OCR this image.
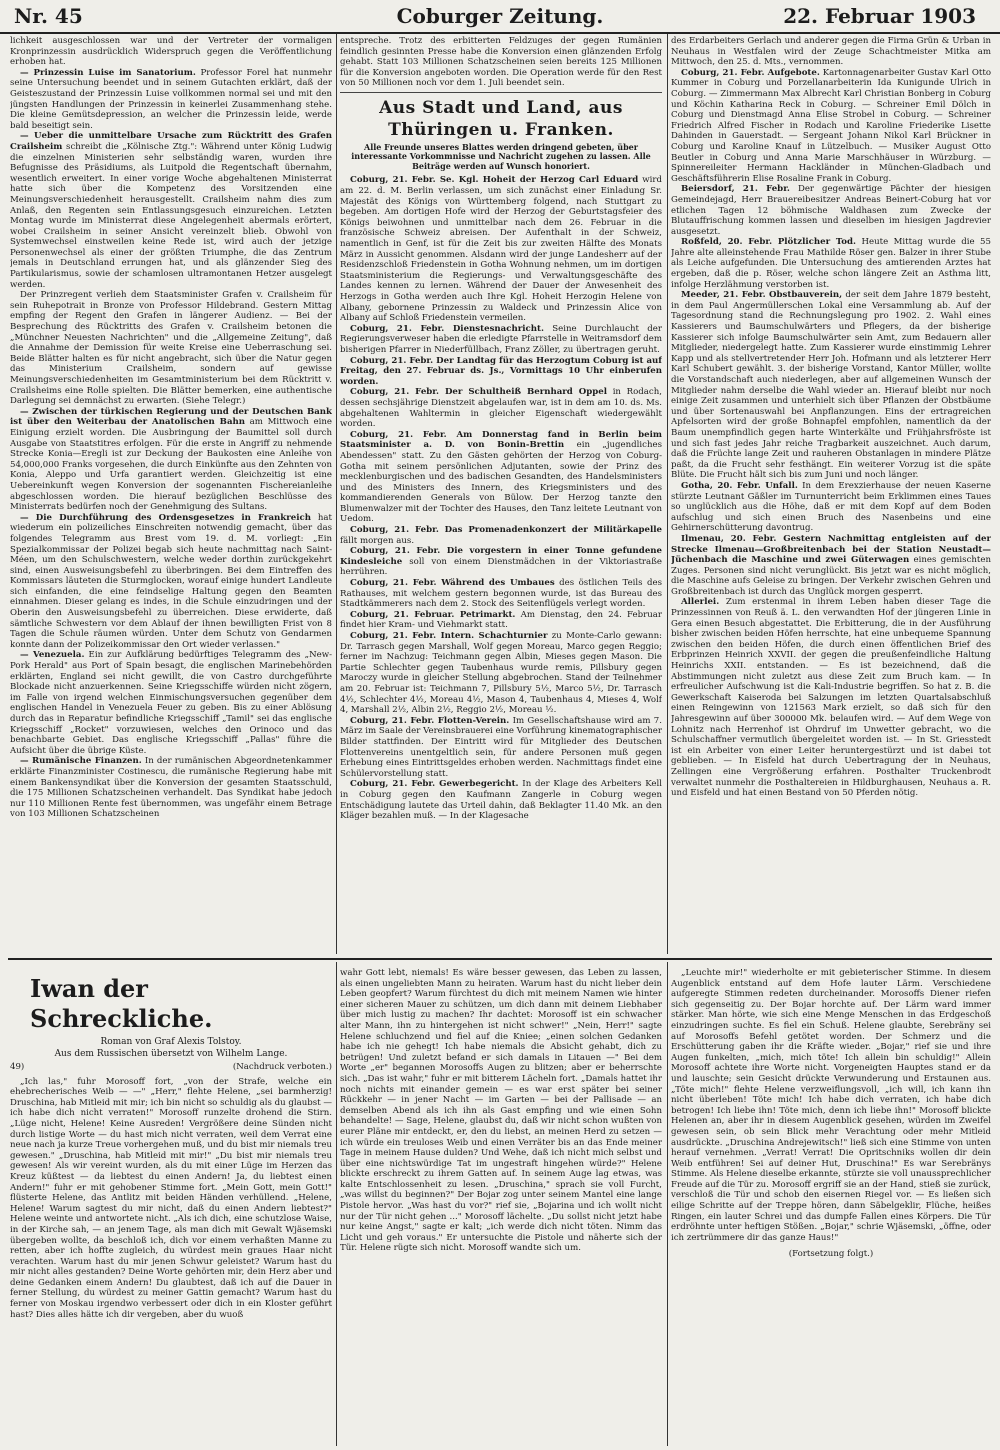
Nr. 45	Coburger Zeitung.	22. Februar 1903

lichkeit ausgeschlossen war und der Vertreter der vormaligen Kronprinzessin ausdrücklich Widerspruch gegen die Veröffentlichung erhoben hat.

— Prinzessin Luise im Sanatorium. Professor Forel hat nunmehr seine Untersuchung beendet und in seinem Gutachten erklärt, daß der Geisteszustand der Prinzessin Luise vollkommen normal sei und mit den jüngsten Handlungen der Prinzessin in keinerlei Zusammenhang stehe. Die kleine Gemütsdepression, an welcher die Prinzessin leide, werde bald beseitigt sein.

— Ueber die unmittelbare Ursache zum Rücktritt des Grafen Crailsheim schreibt die „Kölnische Ztg.": Während unter König Ludwig die einzelnen Ministerien sehr selbständig waren, wurden ihre Befugnisse des Präsidiums, als Luitpold die Regentschaft übernahm, wesentlich erweitert. In einer vorige Woche abgehaltenen Ministerrat hatte sich über die Kompetenz des Vorsitzenden eine Meinungsverschiedenheit herausgestellt. Crailsheim nahm dies zum Anlaß, den Regenten sein Entlassungsgesuch einzureichen. Letzten Montag wurde im Ministerrat diese Angelegenheit abermals erörtert, wobei Crailsheim in seiner Ansicht vereinzelt blieb. Obwohl von Systemwechsel einstweilen keine Rede ist, wird auch der jetzige Personenwechsel als einer der größten Triumphe, die das Zentrum jemals in Deutschland errungen hat, und als glänzender Sieg des Partikularismus, sowie der schamlosen ultramontanen Hetzer ausgelegt werden.

Der Prinzregent verlieh dem Staatsminister Grafen v. Crailsheim für sein Ruhepotrait in Bronze von Professor Hildebrand. Gestern Mittag empfing der Regent den Grafen in längerer Audienz. — Bei der Besprechung des Rücktritts des Grafen v. Crailsheim betonen die „Münchner Neuesten Nachrichten" und die „Allgemeine Zeitung", daß die Annahme der Demission für weite Kreise eine Ueberraschung sei. Beide Blätter halten es für nicht angebracht, sich über die Natur gegen das Ministerium Crailsheim, sondern auf gewisse Meinungsverschiedenheiten im Gesamtministerium bei dem Rücktritt v. Crailsheims eine Rolle spielten. Die Blätter bemerken, eine authentische Darlegung sei demnächst zu erwarten. (Siehe Telegr.)

— Zwischen der türkischen Regierung und der Deutschen Bank ist über den Weiterbau der Anatolischen Bahn am Mittwoch eine Einigung erzielt worden. Die Ausbringung der Baumittel soll durch Ausgabe von Staatstitres erfolgen. Für die erste in Angriff zu nehmende Strecke Konia—Eregli ist zur Deckung der Baukosten eine Anleihe von 54,000,000 Franks vorgesehen, die durch Einkünfte aus den Zehnten von Konia, Aleppo und Urfa garantiert werden. Gleichzeitig ist eine Uebereinkunft wegen Konversion der sogenannten Fischereianleihe abgeschlossen worden. Die hierauf bezüglichen Beschlüsse des Ministerrats bedürfen noch der Genehmigung des Sultans.

— Die Durchführung des Ordensgesetzes in Frankreich hat wiederum ein polizeiliches Einschreiten notwendig gemacht, über das folgendes Telegramm aus Brest vom 19. d. M. vorliegt: „Ein Spezialkommissar der Polizei begab sich heute nachmittag nach Saint-Méen, um den Schulschwestern, welche weder dorthin zurückgekehrt sind, einen Ausweisungsbefehl zu überbringen. Bei dem Eintreffen des Kommissars läuteten die Sturmglocken, worauf einige hundert Landleute sich einfanden, die eine feindselige Haltung gegen den Beamten einnahmen. Dieser gelang es indes, in die Schule einzudringen und der Oberin den Ausweisungsbefehl zu überreichen. Diese erwiderte, daß sämtliche Schwestern vor dem Ablauf der ihnen bewilligten Frist von 8 Tagen die Schule räumen würden. Unter dem Schutz von Gendarmen konnte dann der Polizeikommissar den Ort wieder verlassen."

— Venezuela. Ein zur Aufklärung bedürftiges Telegramm des „New-Pork Herald" aus Port of Spain besagt, die englischen Marinebehörden erklärten, England sei nicht gewillt, die von Castro durchgeführte Blockade nicht anzuerkennen. Seine Kriegsschiffe würden nicht zögern, im Falle von irgend welchen Einmischungsversuchen gegenüber dem englischen Handel in Venezuela Feuer zu geben. Bis zu einer Ablösung durch das in Reparatur befindliche Kriegsschiff „Tamil" sei das englische Kriegsschiff „Rocket" vorzuwiesen, welches den Orinoco und das benachbarte Gebiet. Das englische Kriegsschiff „Pallas" führe die Aufsicht über die übrige Küste.

— Rumänische Finanzen. In der rumänischen Abgeordnetenkammer erklärte Finanzminister Costinescu, die rumänische Regierung habe mit einem Bankensyndikat über die Konversion der gesamten Staatsschuld, die 175 Millionen Schatzscheinen verhandelt. Das Syndikat habe jedoch nur 110 Millionen Rente fest übernommen, was ungefähr einem Betrage von 103 Millionen Schatzscheinen

entspreche. Trotz des erbitterten Feldzuges der gegen Rumänien feindlich gesinnten Presse habe die Konversion einen glänzenden Erfolg gehabt. Statt 103 Millionen Schatzscheinen seien bereits 125 Millionen für die Konversion angeboten worden. Die Operation werde für den Rest von 50 Millionen noch vor dem 1. Juli beendet sein.

Aus Stadt und Land, aus Thüringen u. Franken.
Alle Freunde unseres Blattes werden dringend gebeten, über interessante Vorkommnisse und Nachricht zugehen zu lassen. Alle Beiträge werden auf Wunsch honoriert.

Coburg, 21. Febr. Se. Kgl. Hoheit der Herzog Carl Eduard wird am 22. d. M. Berlin verlassen, um sich zunächst einer Einladung Sr. Majestät des Königs von Württemberg folgend, nach Stuttgart zu begeben. Am dortigen Hofe wird der Herzog der Geburtstagsfeier des Königs beiwohnen und unmittelbar nach dem 26. Februar in die französische Schweiz abreisen. Der Aufenthalt in der Schweiz, namentlich in Genf, ist für die Zeit bis zur zweiten Hälfte des Monats März in Aussicht genommen. Alsdann wird der junge Landesherr auf der Residenzschloß Friedenstein in Gotha Wohnung nehmen, um im dortigen Staatsministerium die Regierungs- und Verwaltungsgeschäfte des Landes kennen zu lernen. Während der Dauer der Anwesenheit des Herzogs in Gotha werden auch Ihre Kgl. Hoheit Herzogin Helene von Albany, gebornene Prinzessin zu Waldeck und Prinzessin Alice von Albany auf Schloß Friedenstein vermeilen.

Coburg, 21. Febr. Dienstesnachricht. Seine Durchlaucht der Regierungsverweser haben die erledigte Pfarrstelle in Weitramsdorf dem bisherigen Pfarrer in Niederfüllbach, Franz Zöller, zu übertragen geruht.

Coburg, 21. Febr. Der Landtag für das Herzogtum Coburg ist auf Freitag, den 27. Februar ds. Js., Vormittags 10 Uhr einberufen worden.

Coburg, 21. Febr. Der Schultheiß Bernhard Oppel in Rodach, dessen sechsjährige Dienstzeit abgelaufen war, ist in dem am 10. ds. Ms. abgehaltenen Wahltermin in gleicher Eigenschaft wiedergewählt worden.

Coburg, 21. Febr. Am Donnerstag fand in Berlin beim Staatsminister a. D. von Bonin-Brettin ein „jugendliches Abendessen" statt. Zu den Gästen gehörten der Herzog von Coburg-Gotha mit seinem persönlichen Adjutanten, sowie der Prinz des mecklenburgischen und des badischen Gesandten, des Handelsministers und des Ministers des Innern, des Kriegsministers und des kommandierenden Generals von Bülow. Der Herzog tanzte den Blumenwalzer mit der Tochter des Hauses, den Tanz leitete Leutnant von Uedom.

Coburg, 21. Febr. Das Promenadenkonzert der Militärkapelle fällt morgen aus.

Coburg, 21. Febr. Die vorgestern in einer Tonne gefundene Kindesleiche soll von einem Dienstmädchen in der Viktoriastraße herrühren.

Coburg, 21. Febr. Während des Umbaues des östlichen Teils des Rathauses, mit welchem gestern begonnen wurde, ist das Bureau des Stadtkämmerers nach dem 2. Stock des Seitenflügels verlegt worden.

Coburg, 21. Februar. Petrimarkt. Am Dienstag, den 24. Februar findet hier Kram- und Viehmarkt statt.

Coburg, 21. Febr. Intern. Schachturnier zu Monte-Carlo gewann: Dr. Tarrasch gegen Marshall, Wolf gegen Moreau, Marco gegen Reggio; ferner im Nachzug: Teichmann gegen Albin, Mieses gegen Mason. Die Partie Schlechter gegen Taubenhaus wurde remis, Pillsbury gegen Maroczy wurde in gleicher Stellung abgebrochen. Stand der Teilnehmer am 20. Februar ist: Teichmann 7, Pillsbury 5½, Marco 5½, Dr. Tarrasch 4½, Schlechter 4½, Moreau 4½, Mason 4, Taubenhaus 4, Mieses 4, Wolf 4, Marshall 2½, Albin 2½, Reggio 2½, Moreau ½.

Coburg, 21. Febr. Flotten-Verein. Im Gesellschaftshause wird am 7. März im Saale der Vereinsbrauerei eine Vorführung kinematographischer Bilder stattfinden. Der Eintritt wird für Mitglieder des Deutschen Flottenvereins unentgeltlich sein, für andere Personen muß gegen Erhebung eines Eintrittsgeldes erhoben werden. Nachmittags findet eine Schülervorstellung statt.

Coburg, 21. Febr. Gewerbegericht. In der Klage des Arbeiters Kell in Coburg gegen den Kaufmann Zangerle in Coburg wegen Entschädigung lautete das Urteil dahin, daß Beklagter 11.40 Mk. an den Kläger bezahlen muß. — In der Klagesache

des Erdarbeiters Gerlach und anderer gegen die Firma Grün & Urban in Neuhaus in Westfalen wird der Zeuge Schachtmeister Mitka am Mittwoch, den 25. d. Mts., vernommen.

Coburg, 21. Febr. Aufgebote. Kartonnagenarbeiter Gustav Karl Otto Kummer in Coburg und Porzellanarbeiterin Ida Kunigunde Ulrich in Coburg. — Zimmermann Max Albrecht Karl Christian Bonberg in Coburg und Köchin Katharina Reck in Coburg. — Schreiner Emil Dölch in Coburg und Dienstmagd Anna Elise Strobel in Coburg. — Schreiner Friedrich Alfred Fischer in Rodach und Karoline Friederike Lisette Dahinden in Gauerstadt. — Sergeant Johann Nikol Karl Brückner in Coburg und Karoline Knauf in Lützelbuch. — Musiker August Otto Beutler in Coburg und Anna Marie Marschhäuser in Würzburg. — Spinnereileiter Hermann Hackländer in München-Gladbach und Geschäftsführerin Elise Rosaline Frank in Coburg.

Beiersdorf, 21. Febr. Der gegenwärtige Pächter der hiesigen Gemeindejagd, Herr Brauereibesitzer Andreas Beinert-Coburg hat vor etlichen Tagen 12 böhmische Waldhasen zum Zwecke der Blutauffrischung kommen lassen und dieselben im hiesigen Jagdrevier ausgesetzt.

Roßfeld, 20. Febr. Plötzlicher Tod. Heute Mittag wurde die 55 Jahre alte alleinstehende Frau Mathilde Röser gen. Balzer in ihrer Stube als Leiche aufgefunden. Die Untersuchung des amtierenden Arztes hat ergeben, daß die p. Röser, welche schon längere Zeit an Asthma litt, infolge Herzlähmung verstorben ist.

Meeder, 21. Febr. Obstbauverein, der seit dem Jahre 1879 besteht, in dem Paul Angermüllerschen Lokal eine Versammlung ab. Auf der Tagesordnung stand die Rechnungslegung pro 1902. 2. Wahl eines Kassierers und Baumschulwärters und Pflegers, da der bisherige Kassierer sich infolge Baumschulwärter sein Amt, zum Bedauern aller Mitglieder, niedergelegt hatte. Zum Kassierer wurde einstimmig Lehrer Kapp und als stellvertretender Herr Joh. Hofmann und als letzterer Herr Karl Schubert gewählt. 3. der bisherige Vorstand, Kantor Müller, wollte die Vorstandschaft auch niederlegen, aber auf allgemeinen Wunsch der Mitglieder nahm derselbe die Wahl wieder an. Hierauf bleibt nur noch einige Zeit zusammen und unterhielt sich über Pflanzen der Obstbäume und über Sortenauswahl bei Anpflanzungen. Eins der ertragreichen Apfelsorten wird der große Bohnapfel empfohlen, namentlich da der Baum unempfindlich gegen harte Winterkälte und Frühjahrsfröste ist und sich fast jedes Jahr reiche Tragbarkeit auszeichnet. Auch darum, daß die Früchte lange Zeit und rauheren Obstanlagen in mindere Plätze paßt, da die Frucht sehr festhängt. Ein weiterer Vorzug ist die späte Blüte. Die Frucht hält sich bis zum Juni und noch länger.

Gotha, 20. Febr. Unfall. In dem Erexzierhause der neuen Kaserne stürzte Leutnant Gäßler im Turnunterricht beim Erklimmen eines Taues so unglücklich aus die Höhe, daß er mit dem Kopf auf dem Boden aufschlug und sich einen Bruch des Nasenbeins und eine Gehirnerschütterung davontrug.

Ilmenau, 20. Febr. Gestern Nachmittag entgleisten auf der Strecke Ilmenau—Großbreitenbach bei der Station Neustadt—Jüchenbach die Maschine und zwei Güterwagen eines gemischten Zuges. Personen sind nicht verunglückt. Bis jetzt war es nicht möglich, die Maschine aufs Geleise zu bringen. Der Verkehr zwischen Gehren und Großbreitenbach ist durch das Unglück morgen gesperrt.

Allerlei. Zum erstenmal in ihrem Leben haben dieser Tage die Prinzessinnen von Reuß ä. L. den verwandten Hof der jüngeren Linie in Gera einen Besuch abgestattet. Die Erbitterung, die in der Ausführung bisher zwischen beiden Höfen herrschte, hat eine unbequeme Spannung zwischen den beiden Höfen, die durch einen öffentlichen Brief des Erbprinzen Heinrich XXVII. der gegen die preußenfeindliche Haltung Heinrichs XXII. entstanden. — Es ist bezeichnend, daß die Abstimmungen nicht zuletzt aus diese Zeit zum Bruch kam. — In erfreulicher Aufschwung ist die Kali-Industrie begriffen. So hat z. B. die Gewerkschaft Kaiseroda bei Salzungen im letzten Quartalsabschluß einen Reingewinn von 121563 Mark erzielt, so daß sich für den Jahresgewinn auf über 300000 Mk. belaufen wird. — Auf dem Wege von Lohnitz nach Herrenhof ist Ohrdruf im Unwetter gebracht, wo die Schulschaffner vermutlich übergeleitet worden ist. — In St. Griesstedt ist ein Arbeiter von einer Leiter heruntergestürzt und ist dabei tot geblieben. — In Eisfeld hat durch Uebertragung der in Neuhaus, Zellingen eine Vergrößerung erfahren. Posthalter Truckenbrodt verwaltet nunmehr die Posthaltereien in Hildburghausen, Neuhaus a. R. und Eisfeld und hat einen Bestand von 50 Pferden nötig.

Iwan der Schreckliche.
Roman von Graf Alexis Tolstoy.
Aus dem Russischen übersetzt von Wilhelm Lange.
49)	(Nachdruck verboten.)

„Ich las," fuhr Morosoff fort, „von der Strafe, welche ein ehebrecherisches Weib — —" „Herr," flehte Helene, „sei barmherzig! Druschina, hab Mitleid mit mir; ich bin nicht so schuldig als du glaubst — ich habe dich nicht verraten!" Morosoff runzelte drohend die Stirn. „Lüge nicht, Helene! Keine Ausreden! Vergrößere deine Sünden nicht durch listige Worte — du hast mich nicht verraten, weil dem Verrat eine neue nach ja kurze Treue vorhergehen muß, und du bist mir niemals treu gewesen." „Druschina, hab Mitleid mit mir!" „Du bist mir niemals treu gewesen! Als wir vereint wurden, als du mit einer Lüge im Herzen das Kreuz küßtest — da liebtest du einen Andern! Ja, du liebtest einen Andern!" fuhr er mit gehobener Stimme fort. „Mein Gott, mein Gott!" flüsterte Helene, das Antlitz mit beiden Händen verhüllend. „Helene, Helene! Warum sagtest du mir nicht, daß du einen Andern liebtest?" Helene weinte und antwortete nicht. „Als ich dich, eine schutzlose Waise, in der Kirche sah, — an jenem Tage, als man dich mit Gewalt Wjäsemski übergeben wollte, da beschloß ich, dich vor einem verhaßten Manne zu retten, aber ich hoffte zugleich, du würdest mein graues Haar nicht verachten. Warum hast du mir jenen Schwur geleistet? Warum hast du mir nicht alles gestanden? Deine Worte gehörten mir, dein Herz aber und deine Gedanken einem Andern! Du glaubtest, daß ich auf die Dauer in ferner Stellung, du würdest zu meiner Gattin gemacht? Warum hast du ferner von Moskau irgendwo verbessert oder dich in ein Kloster geführt hast? Dies alles hätte ich dir vergeben, aber du wuoß

wahr Gott lebt, niemals! Es wäre besser gewesen, das Leben zu lassen, als einen ungeliebten Mann zu heiraten. Warum hast du nicht lieber dein Leben geopfert? Warum fürchtest du dich mit meinem Namen wie hinter einer sicheren Mauer zu schützen, um dich dann mit deinem Liebhaber über mich lustig zu machen? Ihr dachtet: Morosoff ist ein schwacher alter Mann, ihn zu hintergehen ist nicht schwer!" „Nein, Herr!" sagte Helene schluchzend und fiel auf die Kniee; „einen solchen Gedanken habe ich nie gehegt! Ich habe niemals die Absicht gehabt, dich zu betrügen! Und zuletzt befand er sich damals in Litauen —" Bei dem Worte „er" begannen Morosoffs Augen zu blitzen; aber er beherrschte sich. „Das ist wahr," fuhr er mit bitterem Lächeln fort. „Damals hattet ihr noch nichts mit einander gemein — es war erst später bei seiner Rückkehr — in jener Nacht — im Garten — bei der Pallisade — an demselben Abend als ich ihn als Gast empfing und wie einen Sohn behandelte! — Sage, Helene, glaubst du, daß wir nicht schon wußten von eurer Pläne mir entdeckt, er, den du liebst, an meinen Herd zu setzen — ich würde ein treuloses Weib und einen Verräter bis an das Ende meiner Tage in meinem Hause dulden? Und Wehe, daß ich nicht mich selbst und über eine nichtswürdige Tat im ungestraft hingehen würde?" Helene blickte erschreckt zu ihrem Gatten auf. In seinem Auge lag etwas, was kalte Entschlossenheit zu lesen. „Druschina," sprach sie voll Furcht, „was willst du beginnen?" Der Bojar zog unter seinem Mantel eine lange Pistole hervor. „Was hast du vor?" rief sie, „Bojarina und ich wollt nicht nur der Tür nicht gehen ..." Morosoff lächelte. „Du sollst nicht jetzt habe nur keine Angst," sagte er kalt; „ich werde dich nicht töten. Nimm das Licht und geh voraus." Er untersuchte die Pistole und näherte sich der Tür. Helene rügte sich nicht. Morosoff wandte sich um.

„Leuchte mir!" wiederholte er mit gebieterischer Stimme. In diesem Augenblick entstand auf dem Hofe lauter Lärm. Verschiedene aufgeregte Stimmen redeten durcheinander. Morosoffs Diener riefen sich gegenseitig zu. Der Bojar horchte auf. Der Lärm ward immer stärker. Man hörte, wie sich eine Menge Menschen in das Erdgeschoß einzudringen suchte. Es fiel ein Schuß. Helene glaubte, Serebräny sei auf Morosoffs Befehl getötet worden. Der Schmerz und die Erschütterung gaben ihr die Kräfte wieder. „Bojar," rief sie und ihre Augen funkelten, „mich, mich töte! Ich allein bin schuldig!" Allein Morosoff achtete ihre Worte nicht. Vorgeneigten Hauptes stand er da und lauschte; sein Gesicht drückte Verwunderung und Erstaunen aus. „Töte mich!" flehte Helene verzweiflungsvoll, „ich will, ich kann ihn nicht überleben! Töte mich! Ich habe dich verraten, ich habe dich betrogen! Ich liebe ihn! Töte mich, denn ich liebe ihn!" Morosoff blickte Helenen an, aber ihr in diesem Augenblick gesehen, würden im Zweifel gewesen sein, ob sein Blick mehr Verachtung oder mehr Mitleid ausdrückte. „Druschina Andrejewitsch!" ließ sich eine Stimme von unten herauf vernehmen. „Verrat! Verrat! Die Opritschniks wollen dir dein Weib entführen! Sei auf deiner Hut, Druschina!" Es war Serebränys Stimme. Als Helene dieselbe erkannte, stürzte sie voll unaussprechlicher Freude auf die Tür zu. Morosoff ergriff sie an der Hand, stieß sie zurück, verschloß die Tür und schob den eisernen Riegel vor. — Es ließen sich eilige Schritte auf der Treppe hören, dann Säbelgeklir, Flüche, heißes Ringen, ein lauter Schrei und das dumpfe Fallen eines Körpers. Die Tür erdröhnte unter heftigen Stößen. „Bojar," schrie Wjäsemski, „öffne, oder ich zertrümmere dir das ganze Haus!"

(Fortsetzung folgt.)
